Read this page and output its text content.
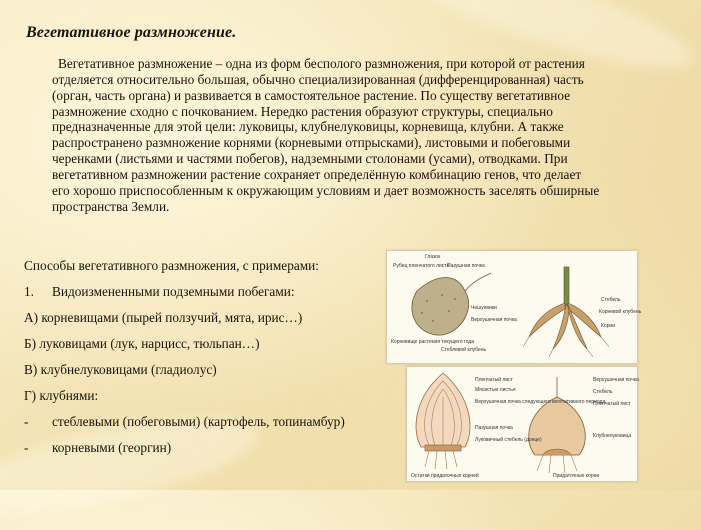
Вегетативное размножение.

Вегетативное размножение – одна из форм бесполого размножения, при которой от растения отделяется относительно большая, обычно специализированная (дифференцированная) часть (орган, часть органа) и развивается в самостоятельное растение. По существу вегетативное размножение сходно с почкованием. Нередко растения образуют структуры, специально предназначенные для этой цели: луковицы, клубнелуковицы, корневища, клубни. А также распространено размножение корнями (корневыми отпрысками), листовыми и побеговыми черенками (листьями и частями побегов), надземными столонами (усами), отводками. При вегетативном размножении растение сохраняет определённую комбинацию генов, что делает его хорошо приспособленным к окружающим условиям и дает возможность заселять обширные пространства Земли.

Способы вегетативного размножения, с примерами:
1. Видоизмененными подземными побегами:
А) корневищами (пырей ползучий, мята, ирис…)
Б) луковицами (лук, нарцисс, тюльпан…)
В) клубнелуковицами (гладиолус)
Г) клубнями:
- стеблевыми (побеговыми) (картофель, топинамбур)
- корневыми (георгин)
Глазок
Рубец пленчатого листа
Пазушная почка
Чешуевики
Верхушечная почка
Корневище растения текущего года
Стеблевой клубень
Стебель
Корневой клубень
Корни
Пленчатый лист
Мясистые листья
Верхушечная почка следующего вегетативного периода
Пазушная почка
Луковичный стебель (донце)
Остатки придаточных корней
Верхушечная почка
Стебель
Пленчатый лист
Клубнелуковица
Придаточные корни
